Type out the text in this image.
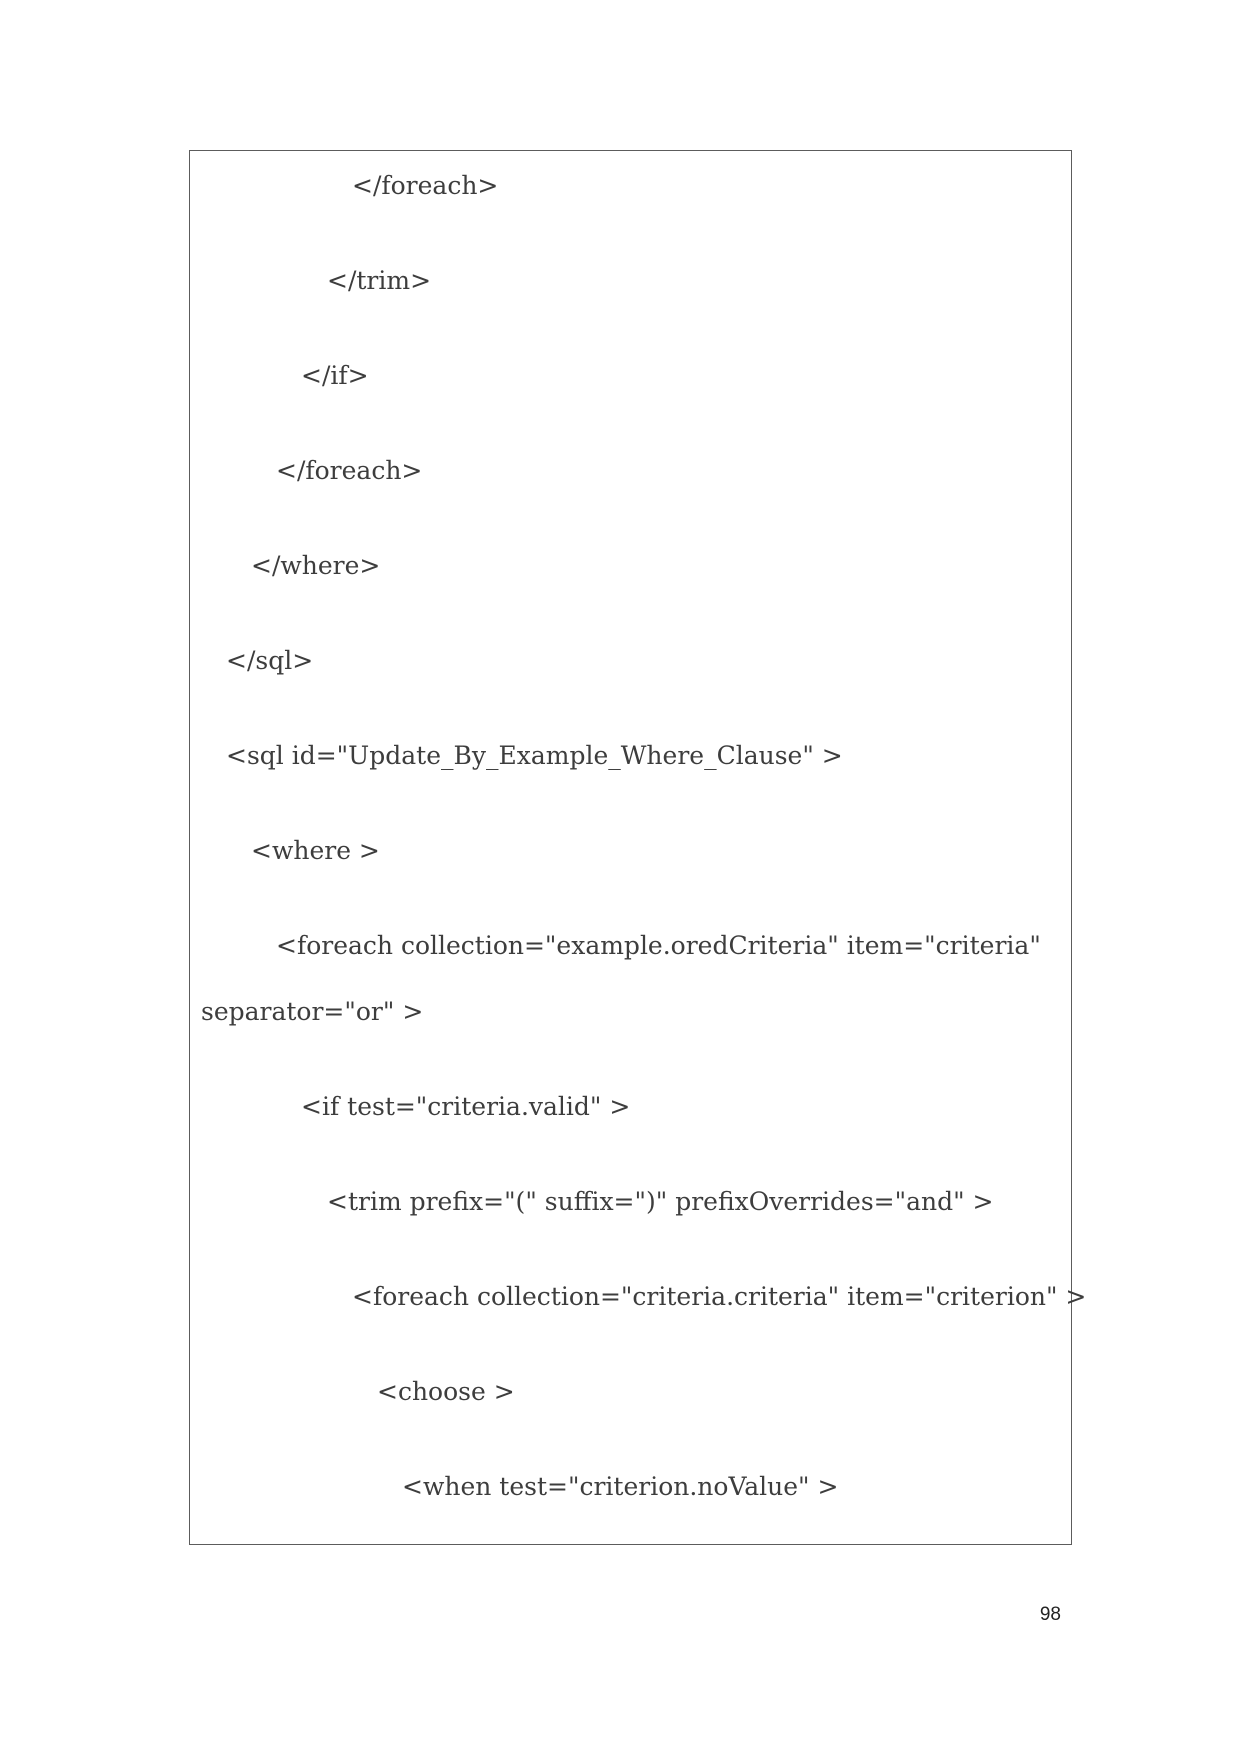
</foreach>
</trim>
</if>
</foreach>
</where>
</sql>
<sql id="Update_By_Example_Where_Clause" >
<where >
<foreach collection="example.oredCriteria" item="criteria"
separator="or" >
<if test="criteria.valid" >
<trim prefix="(" suffix=")" prefixOverrides="and" >
<foreach collection="criteria.criteria" item="criterion" >
<choose >
<when test="criterion.noValue" >
98
